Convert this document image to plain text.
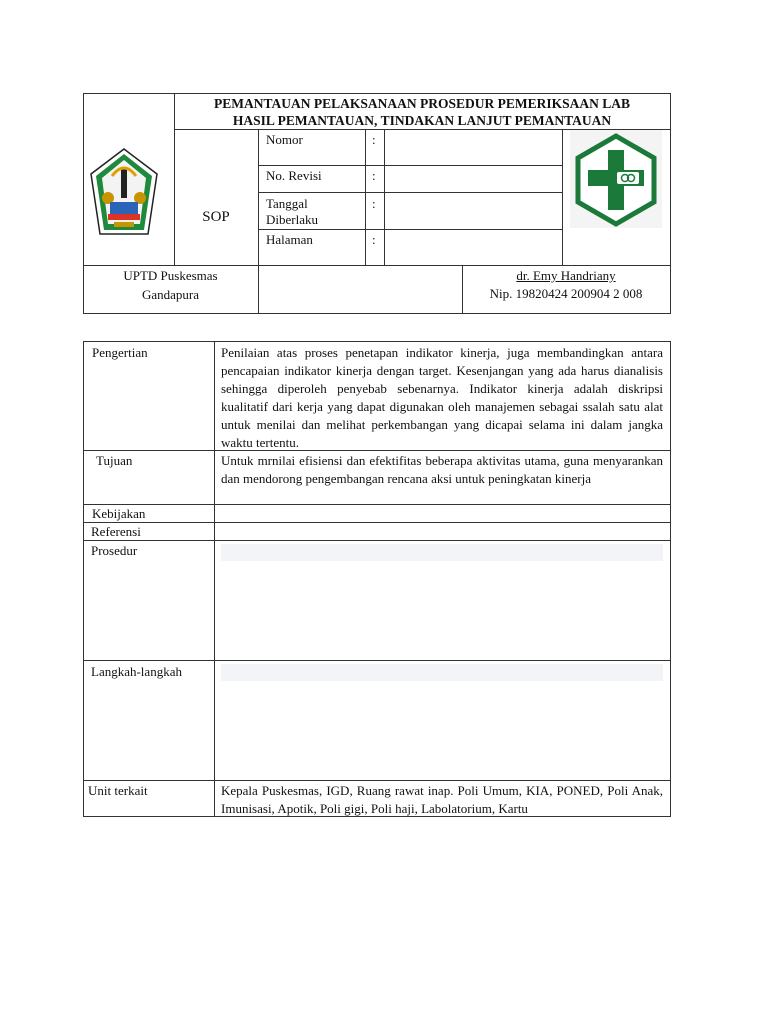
PEMANTAUAN PELAKSANAAN PROSEDUR PEMERIKSAAN LAB
HASIL PEMANTAUAN, TINDAKAN LANJUT PEMANTAUAN
SOP
Nomor
No. Revisi
Tanggal
Diberlaku
Halaman
:
:
:
:
UPTD Puskesmas
Gandapura
dr. Emy Handriany
Nip. 19820424 200904 2 008
Pengertian
Tujuan
Kebijakan
Referensi
Prosedur
Langkah-langkah
Unit terkait
Penilaian atas proses penetapan indikator kinerja, juga membandingkan antara pencapaian indikator kinerja dengan target. Kesenjangan yang ada harus dianalisis sehingga diperoleh penyebab sebenarnya. Indikator kinerja adalah diskripsi kualitatif dari kerja yang dapat digunakan oleh manajemen sebagai ssalah satu alat untuk menilai dan melihat perkembangan yang dicapai selama ini dalam jangka waktu tertentu.
Untuk mrnilai efisiensi dan efektifitas beberapa aktivitas utama, guna menyarankan dan mendorong pengembangan rencana aksi untuk peningkatan kinerja
Kepala Puskesmas, IGD, Ruang rawat inap. Poli Umum, KIA, PONED, Poli Anak, Imunisasi, Apotik, Poli gigi, Poli haji, Labolatorium, Kartu
